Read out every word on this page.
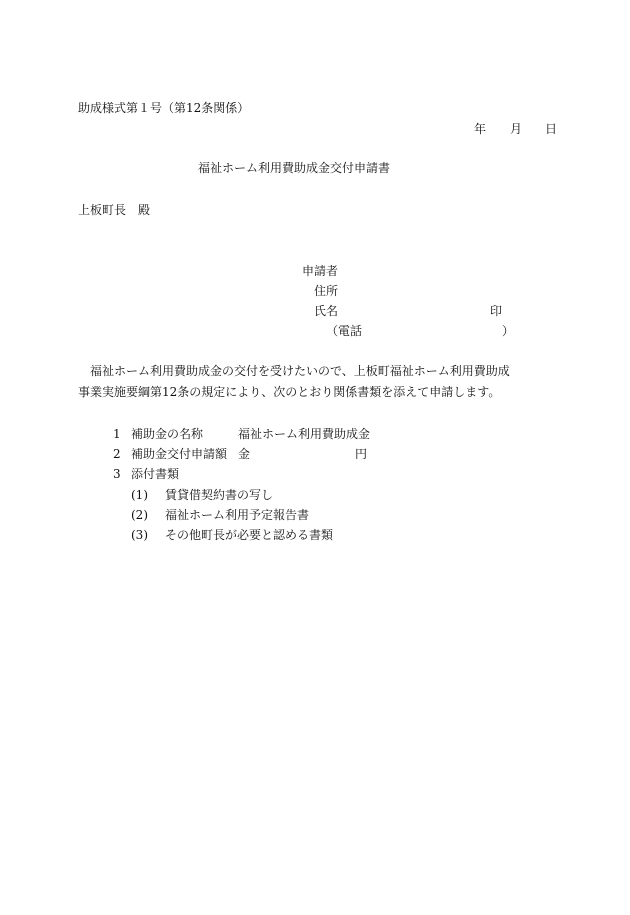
助成様式第１号（第12条関係）
年 月 日
福祉ホーム利用費助成金交付申請書
上板町長　殿
申請者
住所
氏名	印
（電話	）
福祉ホーム利用費助成金の交付を受けたいので、上板町福祉ホーム利用費助成
事業実施要綱第12条の規定により、次のとおり関係書類を添えて申請します。
1 補助金の名称	福祉ホーム利用費助成金
2 補助金交付申請額 金	円
3 添付書類
(1) 賃貸借契約書の写し
(2) 福祉ホーム利用予定報告書
(3) その他町長が必要と認める書類
